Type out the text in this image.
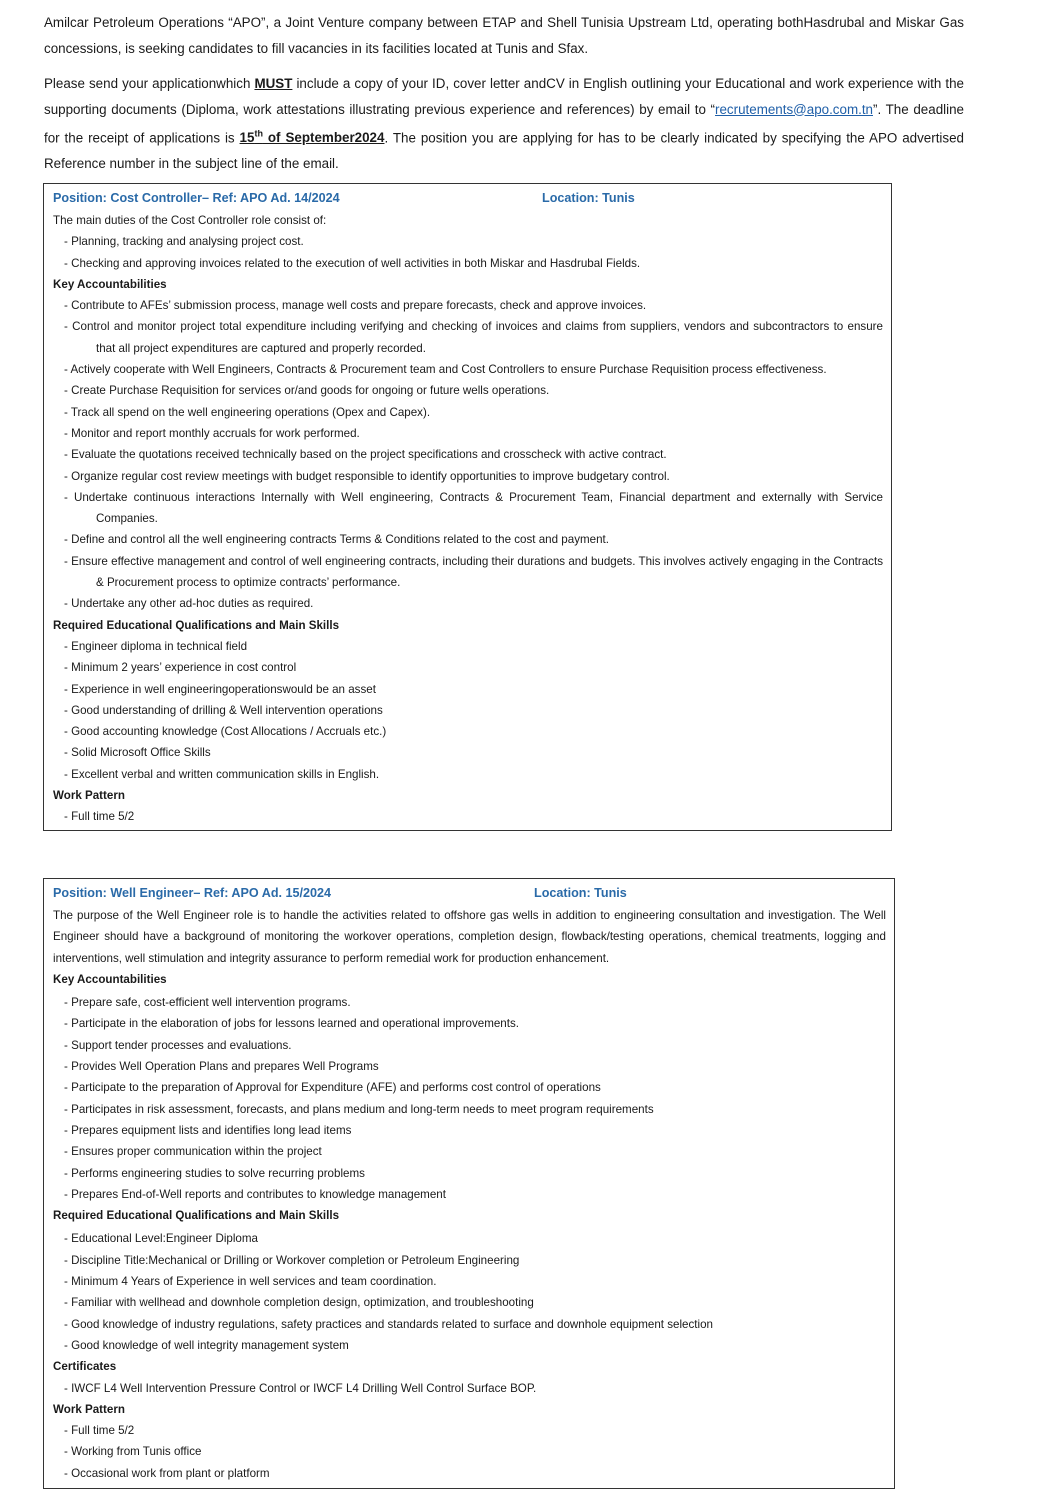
Amilcar Petroleum Operations “APO”, a Joint Venture company between ETAP and Shell Tunisia Upstream Ltd, operating bothHasdrubal and Miskar Gas concessions, is seeking candidates to fill vacancies in its facilities located at Tunis and Sfax.

Please send your applicationwhich MUST include a copy of your ID, cover letter andCV in English outlining your Educational and work experience with the supporting documents (Diploma, work attestations illustrating previous experience and references) by email to “recrutements@apo.com.tn”. The deadline for the receipt of applications is 15th of September2024. The position you are applying for has to be clearly indicated by specifying the APO advertised Reference number in the subject line of the email.

Position: Cost Controller– Ref: APO Ad. 14/2024	Location: Tunis
The main duties of the Cost Controller role consist of:
- Planning, tracking and analysing project cost.
- Checking and approving invoices related to the execution of well activities in both Miskar and Hasdrubal Fields.
Key Accountabilities
- Contribute to AFEs’ submission process, manage well costs and prepare forecasts, check and approve invoices.
- Control and monitor project total expenditure including verifying and checking of invoices and claims from suppliers, vendors and subcontractors to ensure that all project expenditures are captured and properly recorded.
- Actively cooperate with Well Engineers, Contracts & Procurement team and Cost Controllers to ensure Purchase Requisition process effectiveness.
- Create Purchase Requisition for services or/and goods for ongoing or future wells operations.
- Track all spend on the well engineering operations (Opex and Capex).
- Monitor and report monthly accruals for work performed.
- Evaluate the quotations received technically based on the project specifications and crosscheck with active contract.
- Organize regular cost review meetings with budget responsible to identify opportunities to improve budgetary control.
- Undertake continuous interactions Internally with Well engineering, Contracts & Procurement Team, Financial department and externally with Service Companies.
- Define and control all the well engineering contracts Terms & Conditions related to the cost and payment.
- Ensure effective management and control of well engineering contracts, including their durations and budgets. This involves actively engaging in the Contracts & Procurement process to optimize contracts’ performance.
- Undertake any other ad-hoc duties as required.
Required Educational Qualifications and Main Skills
- Engineer diploma in technical field
- Minimum 2 years’ experience in cost control
- Experience in well engineeringoperationswould be an asset
- Good understanding of drilling & Well intervention operations
- Good accounting knowledge (Cost Allocations / Accruals etc.)
- Solid Microsoft Office Skills
- Excellent verbal and written communication skills in English.
Work Pattern
- Full time 5/2
Position: Well Engineer– Ref: APO Ad. 15/2024	Location: Tunis
The purpose of the Well Engineer role is to handle the activities related to offshore gas wells in addition to engineering consultation and investigation. The Well Engineer should have a background of monitoring the workover operations, completion design, flowback/testing operations, chemical treatments, logging and interventions, well stimulation and integrity assurance to perform remedial work for production enhancement.
Key Accountabilities
- Prepare safe, cost-efficient well intervention programs.
- Participate in the elaboration of jobs for lessons learned and operational improvements.
- Support tender processes and evaluations.
- Provides Well Operation Plans and prepares Well Programs
- Participate to the preparation of Approval for Expenditure (AFE) and performs cost control of operations
- Participates in risk assessment, forecasts, and plans medium and long-term needs to meet program requirements
- Prepares equipment lists and identifies long lead items
- Ensures proper communication within the project
- Performs engineering studies to solve recurring problems
- Prepares End-of-Well reports and contributes to knowledge management
Required Educational Qualifications and Main Skills
- Educational Level:Engineer Diploma
- Discipline Title:Mechanical or Drilling or Workover completion or Petroleum Engineering
- Minimum 4 Years of Experience in well services and team coordination.
- Familiar with wellhead and downhole completion design, optimization, and troubleshooting
- Good knowledge of industry regulations, safety practices and standards related to surface and downhole equipment selection
- Good knowledge of well integrity management system
Certificates
- IWCF L4 Well Intervention Pressure Control or IWCF L4 Drilling Well Control Surface BOP.
Work Pattern
- Full time 5/2
- Working from Tunis office
- Occasional work from plant or platform
